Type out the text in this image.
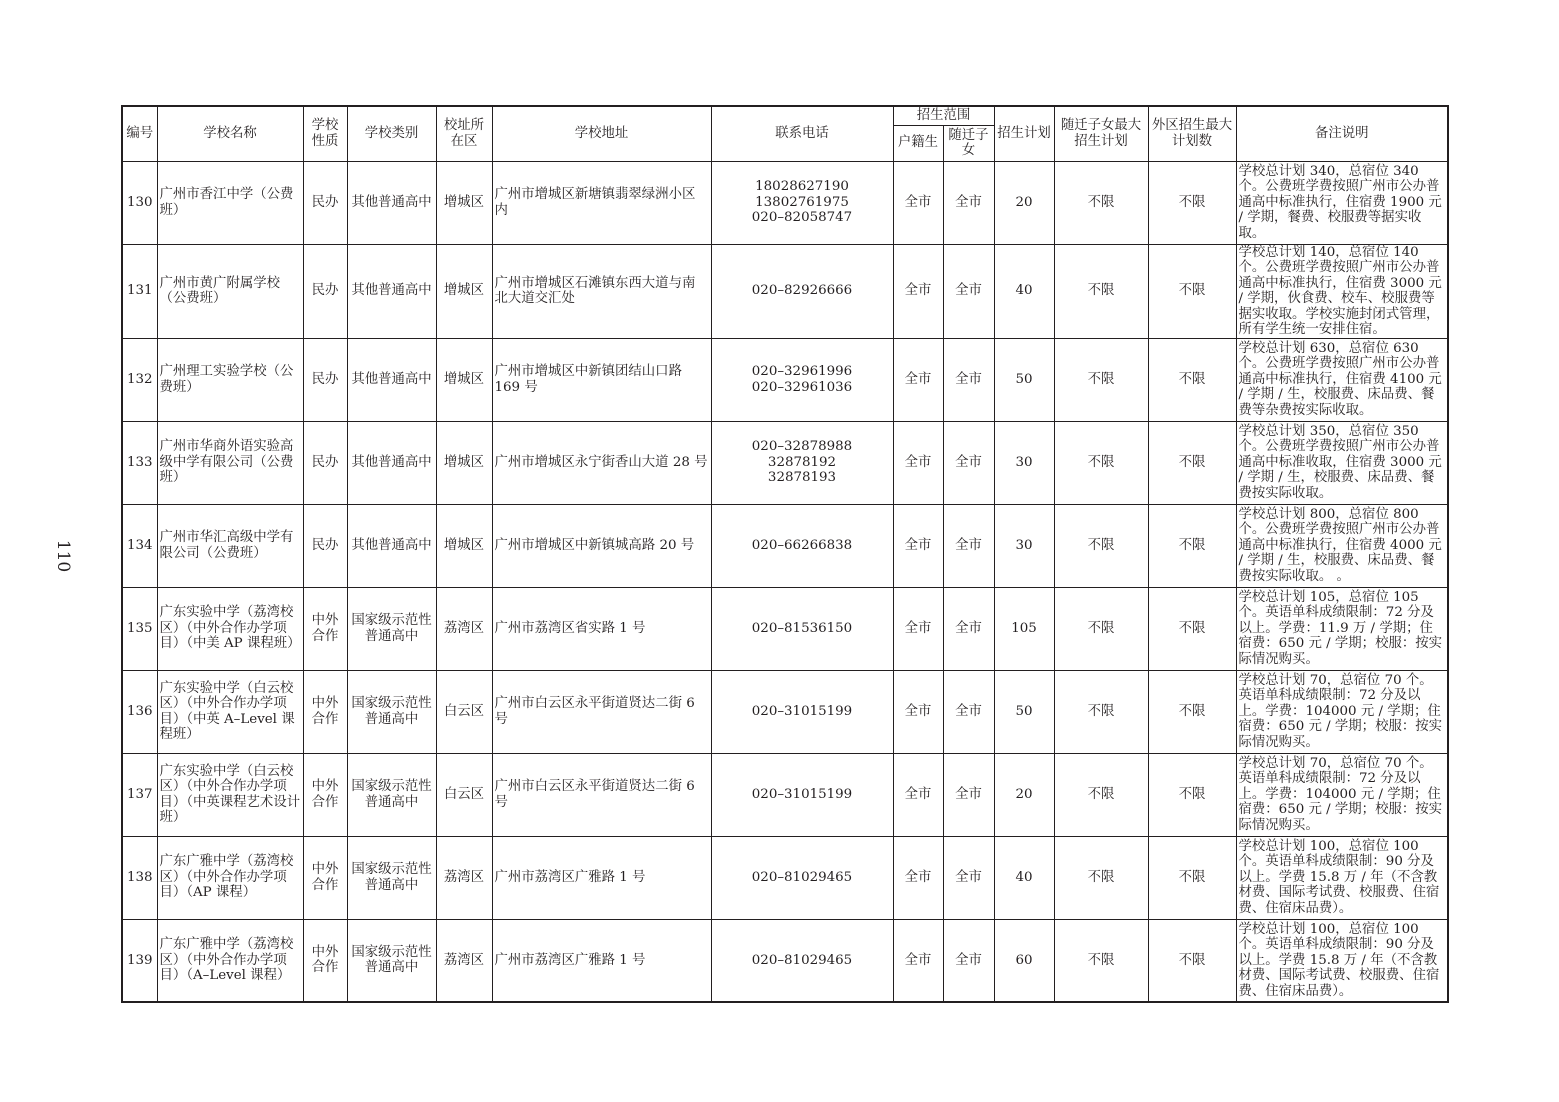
110
编号	学校名称	学校性质	学校类别	校址所在区	学校地址	联系电话	招生范围		招生计划	随迁子女最大招生计划	外区招生最大计划数	备注说明
							户籍生	随迁子女				
130	广州市香江中学（公费班）	民办	其他普通高中	增城区	广州市增城区新塘镇翡翠绿洲小区内	18028627190
13802761975
020–82058747	全市	全市	20	不限	不限	学校总计划 340，总宿位 340 个。公费班学费按照广州市公办普通高中标准执行，住宿费 1900 元 / 学期，餐费、校服费等据实收取。
131	广州市黄广附属学校（公费班）	民办	其他普通高中	增城区	广州市增城区石滩镇东西大道与南北大道交汇处	020–82926666	全市	全市	40	不限	不限	学校总计划 140，总宿位 140 个。公费班学费按照广州市公办普通高中标准执行，住宿费 3000 元 / 学期，伙食费、校车、校服费等据实收取。学校实施封闭式管理，所有学生统一安排住宿。
132	广州理工实验学校（公费班）	民办	其他普通高中	增城区	广州市增城区中新镇团结山口路 169 号	020–32961996
020–32961036	全市	全市	50	不限	不限	学校总计划 630，总宿位 630 个。公费班学费按照广州市公办普通高中标准执行，住宿费 4100 元 / 学期 / 生，校服费、床品费、餐费等杂费按实际收取。
133	广州市华商外语实验高级中学有限公司（公费班）	民办	其他普通高中	增城区	广州市增城区永宁街香山大道 28 号	020–32878988
32878192
32878193	全市	全市	30	不限	不限	学校总计划 350，总宿位 350 个。公费班学费按照广州市公办普通高中标准收取，住宿费 3000 元 / 学期 / 生，校服费、床品费、餐费按实际收取。
134	广州市华汇高级中学有限公司（公费班）	民办	其他普通高中	增城区	广州市增城区中新镇城高路 20 号	020–66266838	全市	全市	30	不限	不限	学校总计划 800，总宿位 800 个。公费班学费按照广州市公办普通高中标准执行，住宿费 4000 元 / 学期 / 生，校服费、床品费、餐费按实际收取。 。
135	广东实验中学（荔湾校区）（中外合作办学项目）（中美 AP 课程班）	中外合作	国家级示范性普通高中	荔湾区	广州市荔湾区省实路 1 号	020–81536150	全市	全市	105	不限	不限	学校总计划 105，总宿位 105 个。英语单科成绩限制：72 分及以上。学费：11.9 万 / 学期；住宿费：650 元 / 学期；校服：按实际情况购买。
136	广东实验中学（白云校区）（中外合作办学项目）（中英 A–Level 课程班）	中外合作	国家级示范性普通高中	白云区	广州市白云区永平街道贤达二街 6 号	020–31015199	全市	全市	50	不限	不限	学校总计划 70，总宿位 70 个。英语单科成绩限制：72 分及以上。学费：104000 元 / 学期；住宿费：650 元 / 学期；校服：按实际情况购买。
137	广东实验中学（白云校区）（中外合作办学项目）（中英课程艺术设计班）	中外合作	国家级示范性普通高中	白云区	广州市白云区永平街道贤达二街 6 号	020–31015199	全市	全市	20	不限	不限	学校总计划 70，总宿位 70 个。英语单科成绩限制：72 分及以上。学费：104000 元 / 学期；住宿费：650 元 / 学期；校服：按实际情况购买。
138	广东广雅中学（荔湾校区）（中外合作办学项目）（AP 课程）	中外合作	国家级示范性普通高中	荔湾区	广州市荔湾区广雅路 1 号	020–81029465	全市	全市	40	不限	不限	学校总计划 100，总宿位 100 个。英语单科成绩限制：90 分及以上。学费 15.8 万 / 年（不含教材费、国际考试费、校服费、住宿费、住宿床品费）。
139	广东广雅中学（荔湾校区）（中外合作办学项目）（A–Level 课程）	中外合作	国家级示范性普通高中	荔湾区	广州市荔湾区广雅路 1 号	020–81029465	全市	全市	60	不限	不限	学校总计划 100，总宿位 100 个。英语单科成绩限制：90 分及以上。学费 15.8 万 / 年（不含教材费、国际考试费、校服费、住宿费、住宿床品费）。
